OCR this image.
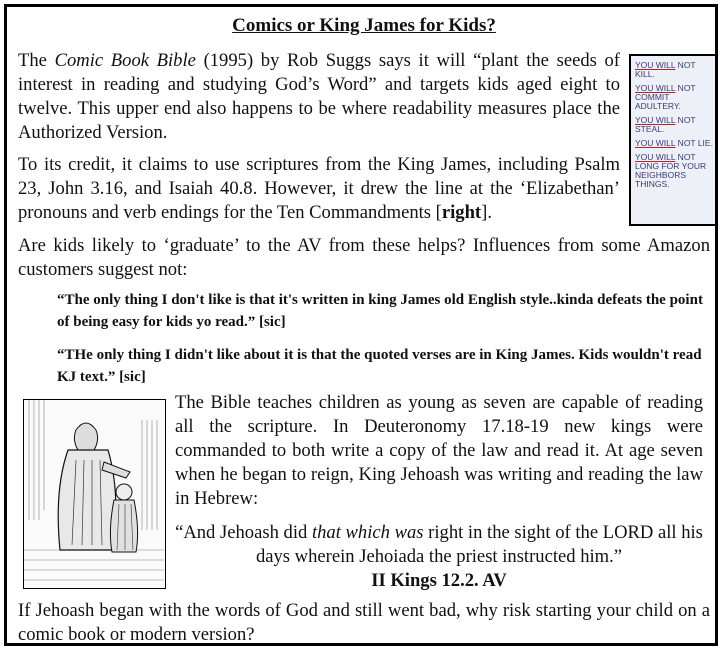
Comics or King James for Kids?
The Comic Book Bible (1995) by Rob Suggs says it will “plant the seeds of interest in reading and studying God’s Word” and targets kids aged eight to twelve. This upper end also happens to be where readability measures place the Authorized Version.
To its credit, it claims to use scriptures from the King James, including Psalm 23, John 3.16, and Isaiah 40.8. However, it drew the line at the ‘Elizabethan’ pronouns and verb endings for the Ten Commandments [right].
YOU WILL NOT KILL.
YOU WILL NOT COMMIT ADULTERY.
YOU WILL NOT STEAL.
YOU WILL NOT LIE.
YOU WILL NOT LONG FOR YOUR NEIGHBORS THINGS.
Are kids likely to ‘graduate’ to the AV from these helps? Influences from some Amazon customers suggest not:
“The only thing I don't like is that it's written in king James old English style..kinda defeats the point of being easy for kids yo read.” [sic]
“THe only thing I didn't like about it is that the quoted verses are in King James. Kids wouldn't read KJ text.” [sic]
The Bible teaches children as young as seven are capable of reading all the scripture. In Deuteronomy 17.18-19 new kings were commanded to both write a copy of the law and read it. At age seven when he began to reign, King Jehoash was writing and reading the law in Hebrew:
“And Jehoash did that which was right in the sight of the LORD all his days wherein Jehoiada the priest instructed him.”
II Kings 12.2. AV
If Jehoash began with the words of God and still went bad, why risk starting your child on a comic book or modern version?
